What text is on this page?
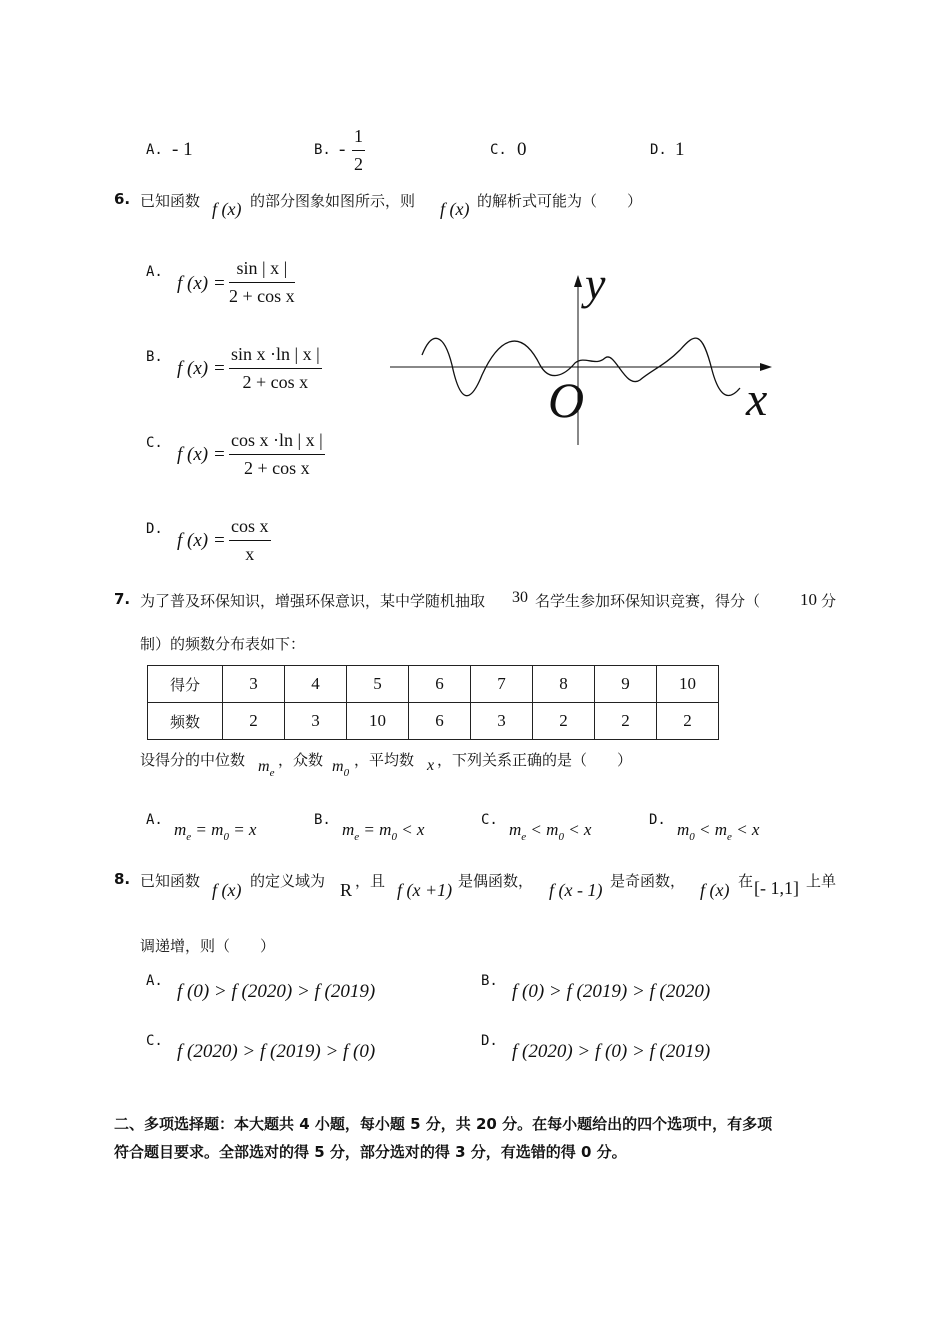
A. - 1	B. - $\frac{1}{2}$	C. 0	D. 1
6. 已知函数 f (x) 的部分图象如图所示，则 f (x) 的解析式可能为（　　）
A.
f $(x) = \frac{\sin | x |}{\text{2 + cos x}}$
B.
f $(x) = \frac{\text{sin x ·ln | x |}}{\text{2 + cos x}}$
C.
f $(x) = \frac{\text{cos x ·ln | x |}}{\text{2 + cos x}}$
D.
f $(x) = \frac{\text{cos x}}{x}$
y
x
O
7. 为了普及环保知识，增强环保意识，某中学随机抽取 30 名学生参加环保知识竞赛，得分（ 10 分
制）的频数分布表如下：
得分	3	4	5	6	7	8	9	10
频数	2	3	10	6	3	2	2	2
设得分的中位数 $m_e$
，众数 $m_0$
，平均数 x ，下列关系正确的是（　　）
A. $m_e = m_0 = x$	B. $m_e = m_0 < x$	C. $m_e < m_0 < x$	D. $m_0 < m_e < x$
8. 已知函数 f (x) 的定义域为 R ，且 f (x +1) 是偶函数， f (x - 1) 是奇函数， f (x) 在 [- 1,1] 上单
调递增，则（　　）
A. f (0) > f (2020) > f (2019)	B. f (0) > f (2019) > f (2020)
C. f (2020) > f (2019) > f (0)	D. f (2020) > f (0) > f (2019)
二、多项选择题：本大题共 4 小题，每小题 5 分，共 20 分。在每小题给出的四个选项中，有多项
符合题目要求。全部选对的得 5 分，部分选对的得 3 分，有选错的得 0 分。
